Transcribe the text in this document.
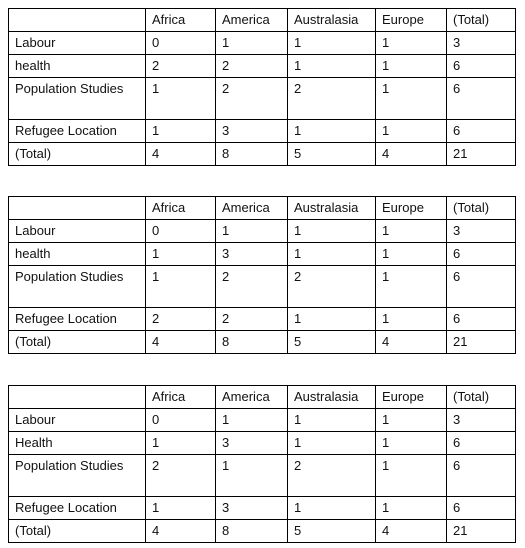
	Africa	America	Australasia	Europe	(Total)
Labour	0	1	1	1	3
health	2	2	1	1	6
Population Studies	1	2	2	1	6
Refugee Location	1	3	1	1	6
(Total)	4	8	5	4	21
	Africa	America	Australasia	Europe	(Total)
Labour	0	1	1	1	3
health	1	3	1	1	6
Population Studies	1	2	2	1	6
Refugee Location	2	2	1	1	6
(Total)	4	8	5	4	21
	Africa	America	Australasia	Europe	(Total)
Labour	0	1	1	1	3
Health	1	3	1	1	6
Population Studies	2	1	2	1	6
Refugee Location	1	3	1	1	6
(Total)	4	8	5	4	21
